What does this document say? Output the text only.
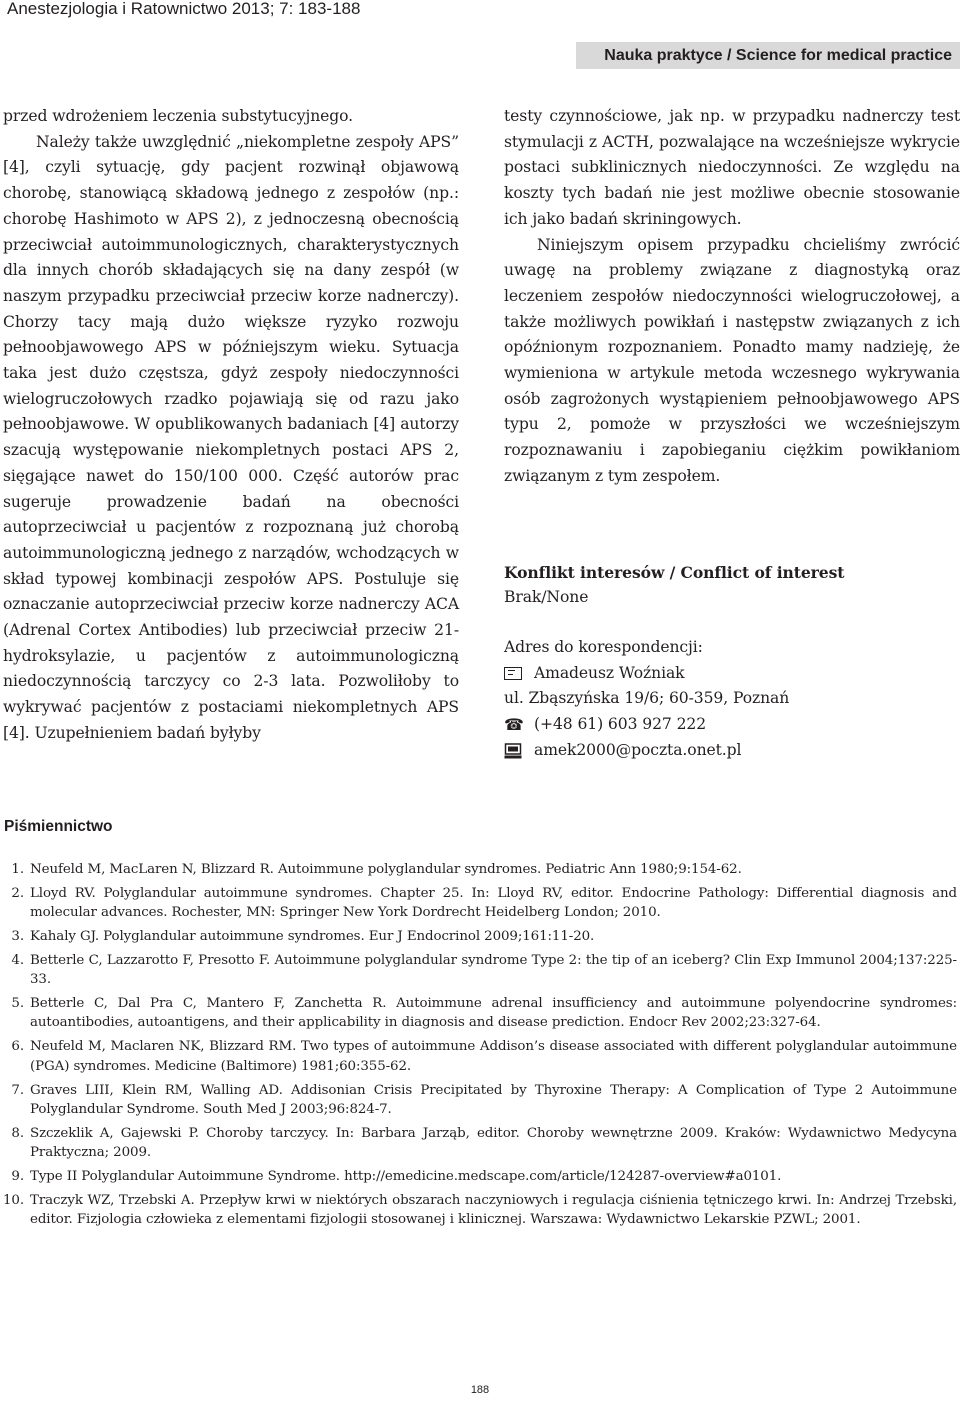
Anestezjologia i Ratownictwo 2013; 7: 183-188
Nauka praktyce / Science for medical practice

przed wdrożeniem leczenia substytucyjnego.

Należy także uwzględnić „niekompletne zespoły APS” [4], czyli sytuację, gdy pacjent rozwinął objawową chorobę, stanowiącą składową jednego z zespołów (np.: chorobę Hashimoto w APS 2), z jednoczesną obecnością przeciwciał autoimmunologicznych, charakterystycznych dla innych chorób składających się na dany zespół (w naszym przypadku przeciwciał przeciw korze nadnerczy). Chorzy tacy mają dużo większe ryzyko rozwoju pełnoobjawowego APS w późniejszym wieku. Sytuacja taka jest dużo częstsza, gdyż zespoły niedoczynności wielogruczołowych rzadko pojawiają się od razu jako pełnoobjawowe. W opublikowanych badaniach [4] autorzy szacują występowanie niekompletnych postaci APS 2, sięgające nawet do 150/100 000. Część autorów prac sugeruje prowadzenie badań na obecności autoprzeciwciał u pacjentów z rozpoznaną już chorobą autoimmunologiczną jednego z narządów, wchodzących w skład typowej kombinacji zespołów APS. Postuluje się oznaczanie autoprzeciwciał przeciw korze nadnerczy ACA (Adrenal Cortex Antibodies) lub przeciwciał przeciw 21-hydroksylazie, u pacjentów z autoimmunologiczną niedoczynnością tarczycy co 2-3 lata. Pozwoliłoby to wykrywać pacjentów z postaciami niekompletnych APS [4]. Uzupełnieniem badań byłyby

testy czynnościowe, jak np. w przypadku nadnerczy test stymulacji z ACTH, pozwalające na wcześniejsze wykrycie postaci subklinicznych niedoczynności. Ze względu na koszty tych badań nie jest możliwe obecnie stosowanie ich jako badań skriningowych.

Niniejszym opisem przypadku chcieliśmy zwrócić uwagę na problemy związane z diagnostyką oraz leczeniem zespołów niedoczynności wielogruczołowej, a także możliwych powikłań i następstw związanych z ich opóźnionym rozpoznaniem. Ponadto mamy nadzieję, że wymieniona w artykule metoda wczesnego wykrywania osób zagrożonych wystąpieniem pełnoobjawowego APS typu 2, pomoże w przyszłości we wcześniejszym rozpoznawaniu i zapobieganiu ciężkim powikłaniom związanym z tym zespołem.

Konflikt interesów / Conflict of interest

Brak/None

Adres do korespondencji:

Amadeusz Woźniak

ul. Zbąszyńska 19/6; 60-359, Poznań

☎ (+48 61) 603 927 222

amek2000@poczta.onet.pl

Piśmiennictwo
1. Neufeld M, MacLaren N, Blizzard R. Autoimmune polyglandular syndromes. Pediatric Ann 1980;9:154-62.
2. Lloyd RV. Polyglandular autoimmune syndromes. Chapter 25. In: Lloyd RV, editor. Endocrine Pathology: Differential diagnosis and molecular advances. Rochester, MN: Springer New York Dordrecht Heidelberg London; 2010.
3. Kahaly GJ. Polyglandular autoimmune syndromes. Eur J Endocrinol 2009;161:11-20.
4. Betterle C, Lazzarotto F, Presotto F. Autoimmune polyglandular syndrome Type 2: the tip of an iceberg? Clin Exp Immunol 2004;137:225-33.
5. Betterle C, Dal Pra C, Mantero F, Zanchetta R. Autoimmune adrenal insufficiency and autoimmune polyendocrine syndromes: autoantibodies, autoantigens, and their applicability in diagnosis and disease prediction. Endocr Rev 2002;23:327-64.
6. Neufeld M, Maclaren NK, Blizzard RM. Two types of autoimmune Addison’s disease associated with different polyglandular autoimmune (PGA) syndromes. Medicine (Baltimore) 1981;60:355-62.
7. Graves LIII, Klein RM, Walling AD. Addisonian Crisis Precipitated by Thyroxine Therapy: A Complication of Type 2 Autoimmune Polyglandular Syndrome. South Med J 2003;96:824-7.
8. Szczeklik A, Gajewski P. Choroby tarczycy. In: Barbara Jarząb, editor. Choroby wewnętrzne 2009. Kraków: Wydawnictwo Medycyna Praktyczna; 2009.
9. Type II Polyglandular Autoimmune Syndrome. http://emedicine.medscape.com/article/124287-overview#a0101.
10. Traczyk WZ, Trzebski A. Przepływ krwi w niektórych obszarach naczyniowych i regulacja ciśnienia tętniczego krwi. In: Andrzej Trzebski, editor. Fizjologia człowieka z elementami fizjologii stosowanej i klinicznej. Warszawa: Wydawnictwo Lekarskie PZWL; 2001.
188
